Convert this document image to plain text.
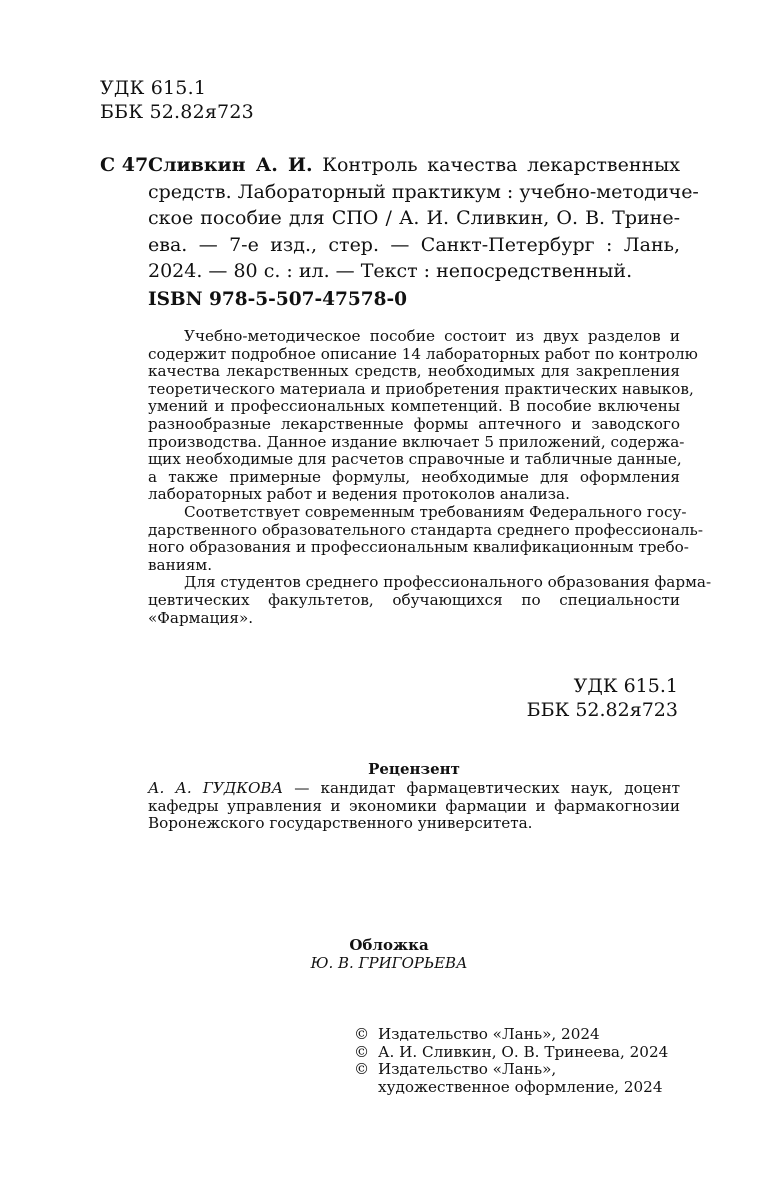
УДК 615.1
ББК 52.82я723
С 47 Сливкин А. И. Контроль качества лекарственных
средств. Лабораторный практикум : учебно-методиче-
ское пособие для СПО / А. И. Сливкин, О. В. Трине-
ева. — 7-е изд., стер. — Санкт-Петербург : Лань,
2024. — 80 с. : ил. — Текст : непосредственный.
ISBN 978-5-507-47578-0
Учебно-методическое пособие состоит из двух разделов и
содержит подробное описание 14 лабораторных работ по контролю
качества лекарственных средств, необходимых для закрепления
теоретического материала и приобретения практических навыков,
умений и профессиональных компетенций. В пособие включены
разнообразные лекарственные формы аптечного и заводского
производства. Данное издание включает 5 приложений, содержа-
щих необходимые для расчетов справочные и табличные данные,
а также примерные формулы, необходимые для оформления
лабораторных работ и ведения протоколов анализа.
Соответствует современным требованиям Федерального госу-
дарственного образовательного стандарта среднего профессиональ-
ного образования и профессиональным квалификационным требо-
ваниям.
Для студентов среднего профессионального образования фарма-
цевтических факультетов, обучающихся по специальности
«Фармация».
УДК 615.1
ББК 52.82я723
Рецензент
А. А. ГУДКОВА — кандидат фармацевтических наук, доцент
кафедры управления и экономики фармации и фармакогнозии
Воронежского государственного университета.
Обложка
Ю. В. ГРИГОРЬЕВА
© Издательство «Лань», 2024
© А. И. Сливкин, О. В. Тринеева, 2024
© Издательство «Лань»,
художественное оформление, 2024
